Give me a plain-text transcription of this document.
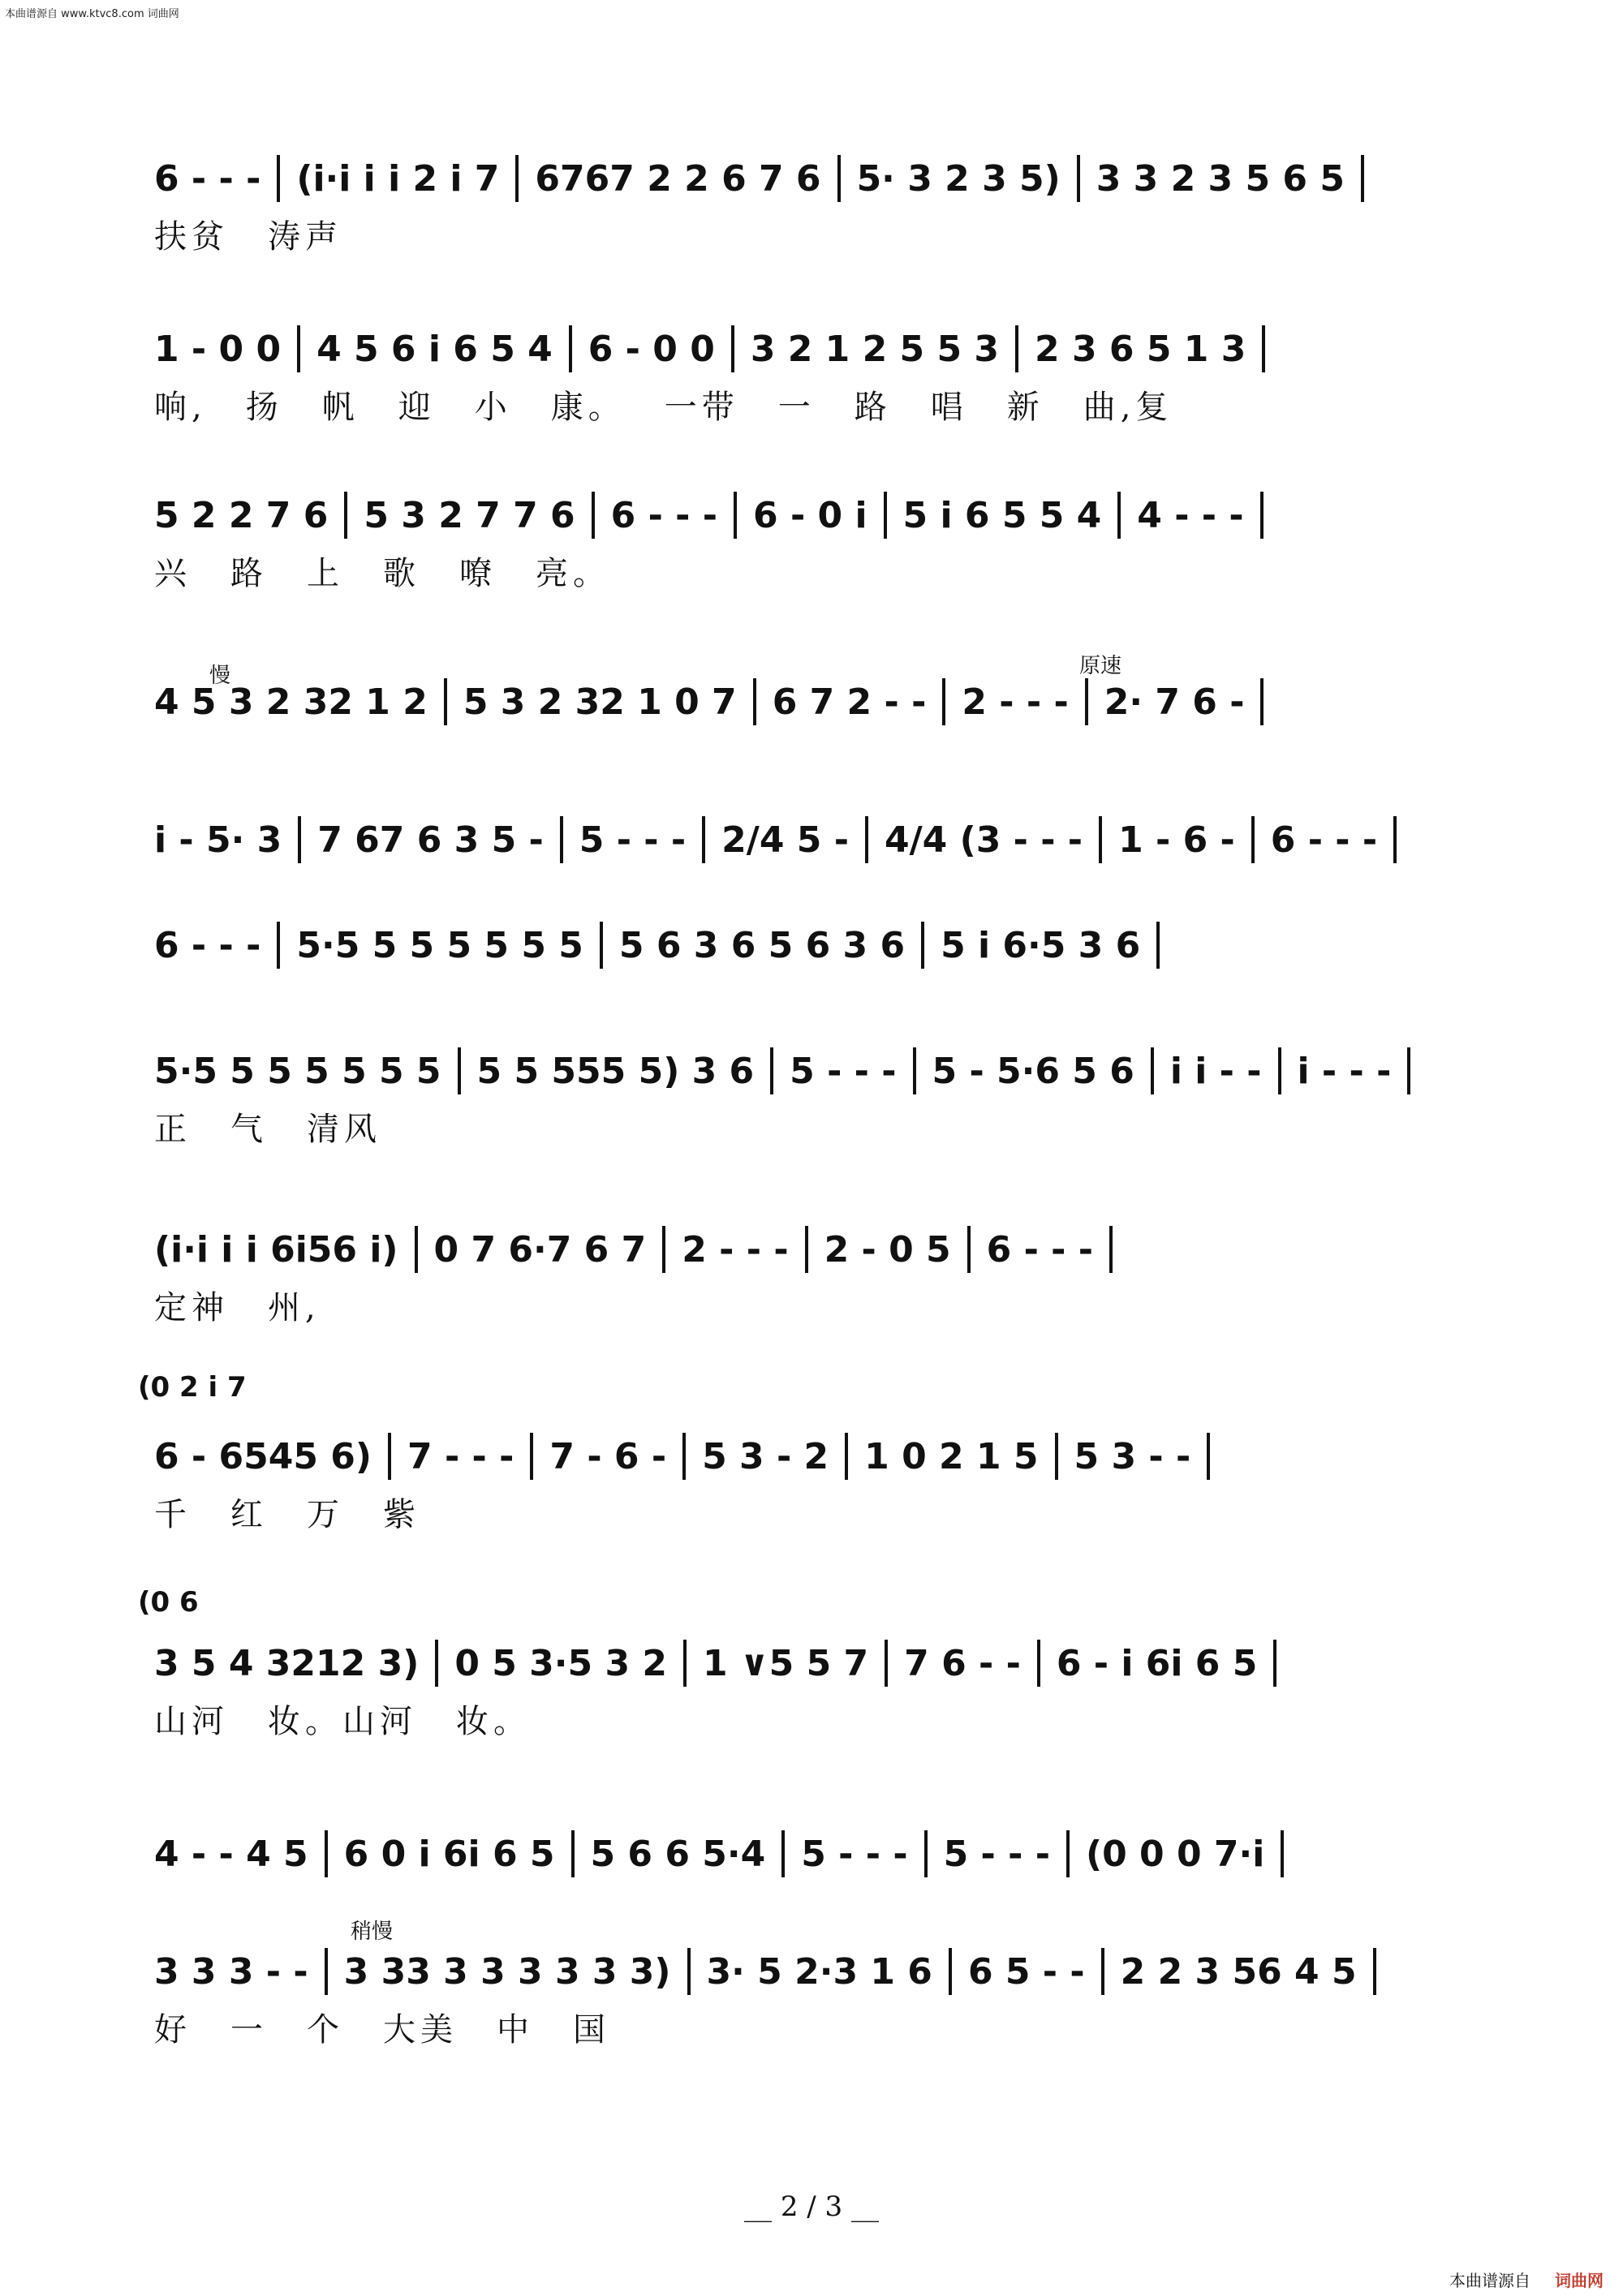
本曲谱源自 www.ktvc8.com 词曲网
6 - - - (i·i i i 2 i 7 6767 2 2 6 7 6 5· 3 2 3 5) 3 3 2 3 5 6 5
扶贫 涛声
1 - 0 0 4 5 6 i 6 5 4 6 - 0 0 3 2 1 2 5 5 3 2 3 6 5 1 3
响, 扬 帆 迎 小 康。 一带 一 路 唱 新 曲,复
5 2 2 7 6 5 3 2 7 7 6 6 - - - 6 - 0 i 5 i 6 5 5 4 4 - - -
兴 路 上 歌 嘹 亮。
4 5 3 2 32 1 2 5 3 2 32 1 0 7 6 7 2 - - 2 - - - 2· 7 6 -
i - 5· 3 7 67 6 3 5 - 5 - - - 2/4 5 - 4/4 (3 - - - 1 - 6 - 6 - - -
6 - - - 5·5 5 5 5 5 5 5 5 6 3 6 5 6 3 6 5 i 6·5 3 6
5·5 5 5 5 5 5 5 5 5 555 5) 3 6 5 - - - 5 - 5·6 5 6 i i - - i - - -
正 气 清风
(i·i i i 6i56 i) 0 7 6·7 6 7 2 - - - 2 - 0 5 6 - - -
定神 州,
6 - 6545 6) 7 - - - 7 - 6 - 5 3 - 2 1 0 2 1 5 5 3 - -
千 红 万 紫
3 5 4 3212 3) 0 5 3·5 3 2 1 ∨5 5 7 7 6 - - 6 - i 6i 6 5
山河 妆。山河 妆。
4 - - 4 5 6 0 i 6i 6 5 5 6 6 5·4 5 - - - 5 - - - (0 0 0 7·i
3 3 3 - - 3 33 3 3 3 3 3 3) 3· 5 2·3 1 6 6 5 - - 2 2 3 56 4 5
好 一 个 大美 中 国
慢	原速
稍慢
(0 2 i 7
(0 6
__ 2 / 3 __
本曲谱源自 词曲网
